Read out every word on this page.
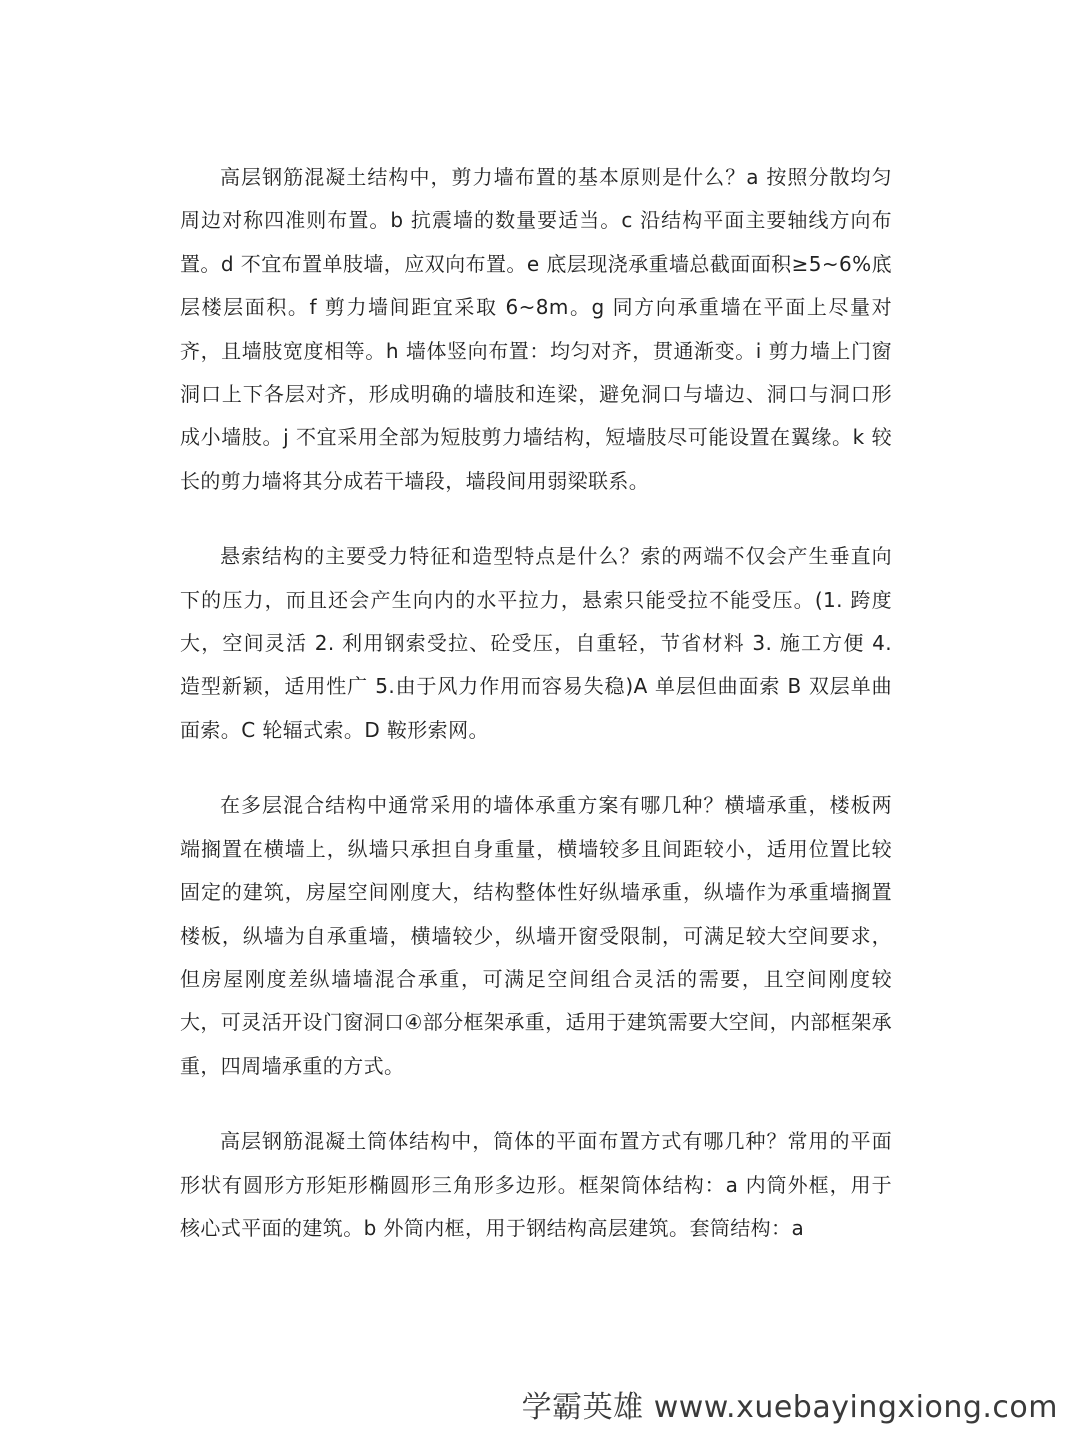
高层钢筋混凝土结构中，剪力墙布置的基本原则是什么？a 按照分散均匀周边对称四准则布置。b 抗震墙的数量要适当。c 沿结构平面主要轴线方向布置。d 不宜布置单肢墙，应双向布置。e 底层现浇承重墙总截面面积≥5~6%底层楼层面积。f 剪力墙间距宜采取 6~8m。g 同方向承重墙在平面上尽量对齐，且墙肢宽度相等。h 墙体竖向布置：均匀对齐，贯通渐变。i 剪力墙上门窗洞口上下各层对齐，形成明确的墙肢和连梁，避免洞口与墙边、洞口与洞口形成小墙肢。j 不宜采用全部为短肢剪力墙结构，短墙肢尽可能设置在翼缘。k 较长的剪力墙将其分成若干墙段，墙段间用弱梁联系。

悬索结构的主要受力特征和造型特点是什么？索的两端不仅会产生垂直向下的压力，而且还会产生向内的水平拉力，悬索只能受拉不能受压。(1. 跨度大，空间灵活 2. 利用钢索受拉、砼受压，自重轻，节省材料 3. 施工方便 4. 造型新颖，适用性广 5.由于风力作用而容易失稳)A 单层但曲面索 B 双层单曲面索。C 轮辐式索。D 鞍形索网。

在多层混合结构中通常采用的墙体承重方案有哪几种？横墙承重，楼板两端搁置在横墙上，纵墙只承担自身重量，横墙较多且间距较小，适用位置比较固定的建筑，房屋空间刚度大，结构整体性好纵墙承重，纵墙作为承重墙搁置楼板，纵墙为自承重墙，横墙较少，纵墙开窗受限制，可满足较大空间要求，但房屋刚度差纵墙墙混合承重，可满足空间组合灵活的需要，且空间刚度较大，可灵活开设门窗洞口④部分框架承重，适用于建筑需要大空间，内部框架承重，四周墙承重的方式。

高层钢筋混凝土筒体结构中，筒体的平面布置方式有哪几种？常用的平面形状有圆形方形矩形椭圆形三角形多边形。框架筒体结构：a 内筒外框，用于核心式平面的建筑。b 外筒内框，用于钢结构高层建筑。套筒结构：a

学霸英雄 www.xuebayingxiong.com
